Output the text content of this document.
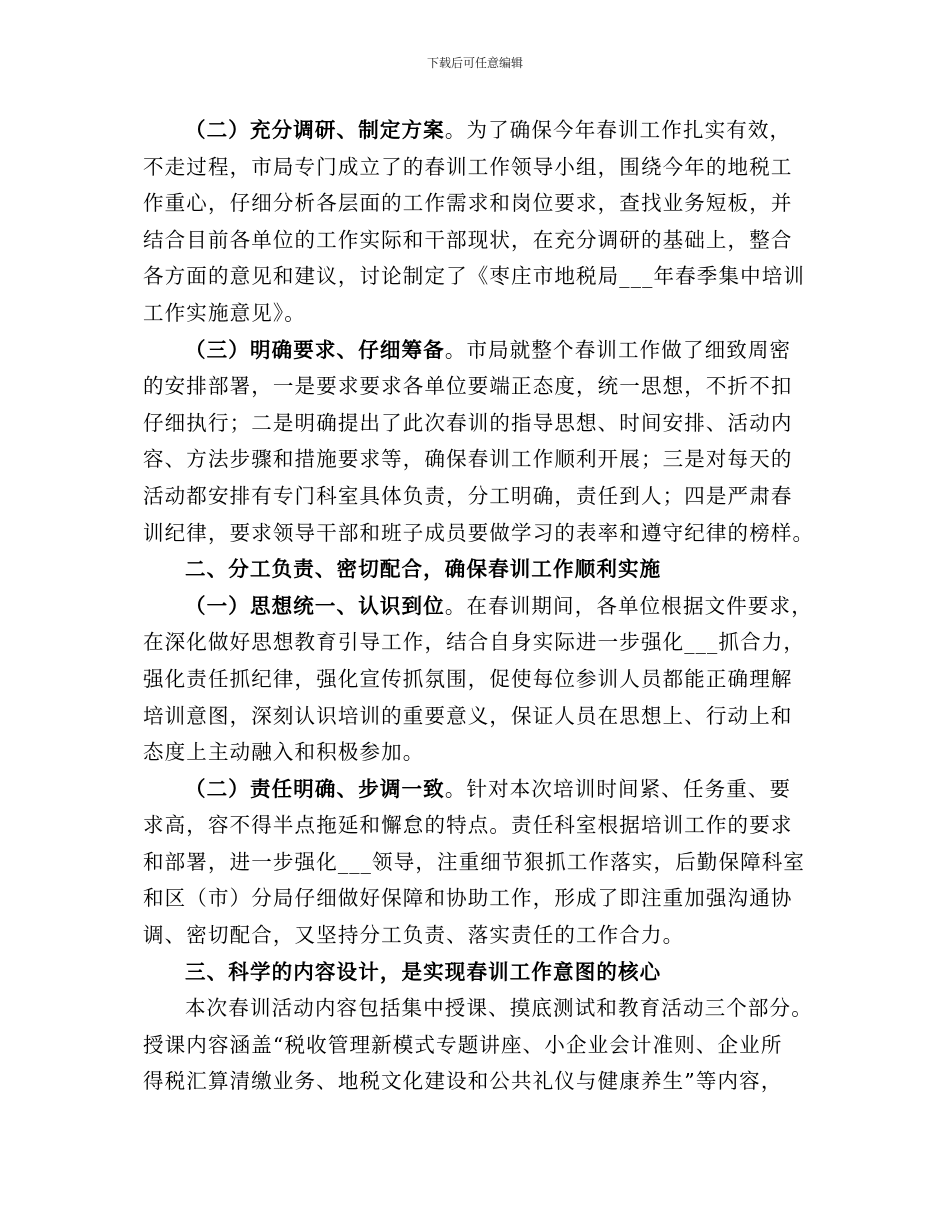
下载后可任意编辑
（二）充分调研、制定方案。为了确保今年春训工作扎实有效，
不走过程，市局专门成立了的春训工作领导小组，围绕今年的地税工
作重心，仔细分析各层面的工作需求和岗位要求，查找业务短板，并
结合目前各单位的工作实际和干部现状，在充分调研的基础上，整合
各方面的意见和建议，讨论制定了《枣庄市地税局___年春季集中培训
工作实施意见》。
（三）明确要求、仔细筹备。市局就整个春训工作做了细致周密
的安排部署，一是要求要求各单位要端正态度，统一思想，不折不扣
仔细执行；二是明确提出了此次春训的指导思想、时间安排、活动内
容、方法步骤和措施要求等，确保春训工作顺利开展；三是对每天的
活动都安排有专门科室具体负责，分工明确，责任到人；四是严肃春
训纪律，要求领导干部和班子成员要做学习的表率和遵守纪律的榜样。
二、分工负责、密切配合，确保春训工作顺利实施
（一）思想统一、认识到位。在春训期间，各单位根据文件要求，
在深化做好思想教育引导工作，结合自身实际进一步强化___抓合力，
强化责任抓纪律，强化宣传抓氛围，促使每位参训人员都能正确理解
培训意图，深刻认识培训的重要意义，保证人员在思想上、行动上和
态度上主动融入和积极参加。
（二）责任明确、步调一致。针对本次培训时间紧、任务重、要
求高，容不得半点拖延和懈怠的特点。责任科室根据培训工作的要求
和部署，进一步强化___领导，注重细节狠抓工作落实，后勤保障科室
和区（市）分局仔细做好保障和协助工作，形成了即注重加强沟通协
调、密切配合，又坚持分工负责、落实责任的工作合力。
三、科学的内容设计，是实现春训工作意图的核心
本次春训活动内容包括集中授课、摸底测试和教育活动三个部分。
授课内容涵盖“税收管理新模式专题讲座、小企业会计准则、企业所
得税汇算清缴业务、地税文化建设和公共礼仪与健康养生”等内容，
